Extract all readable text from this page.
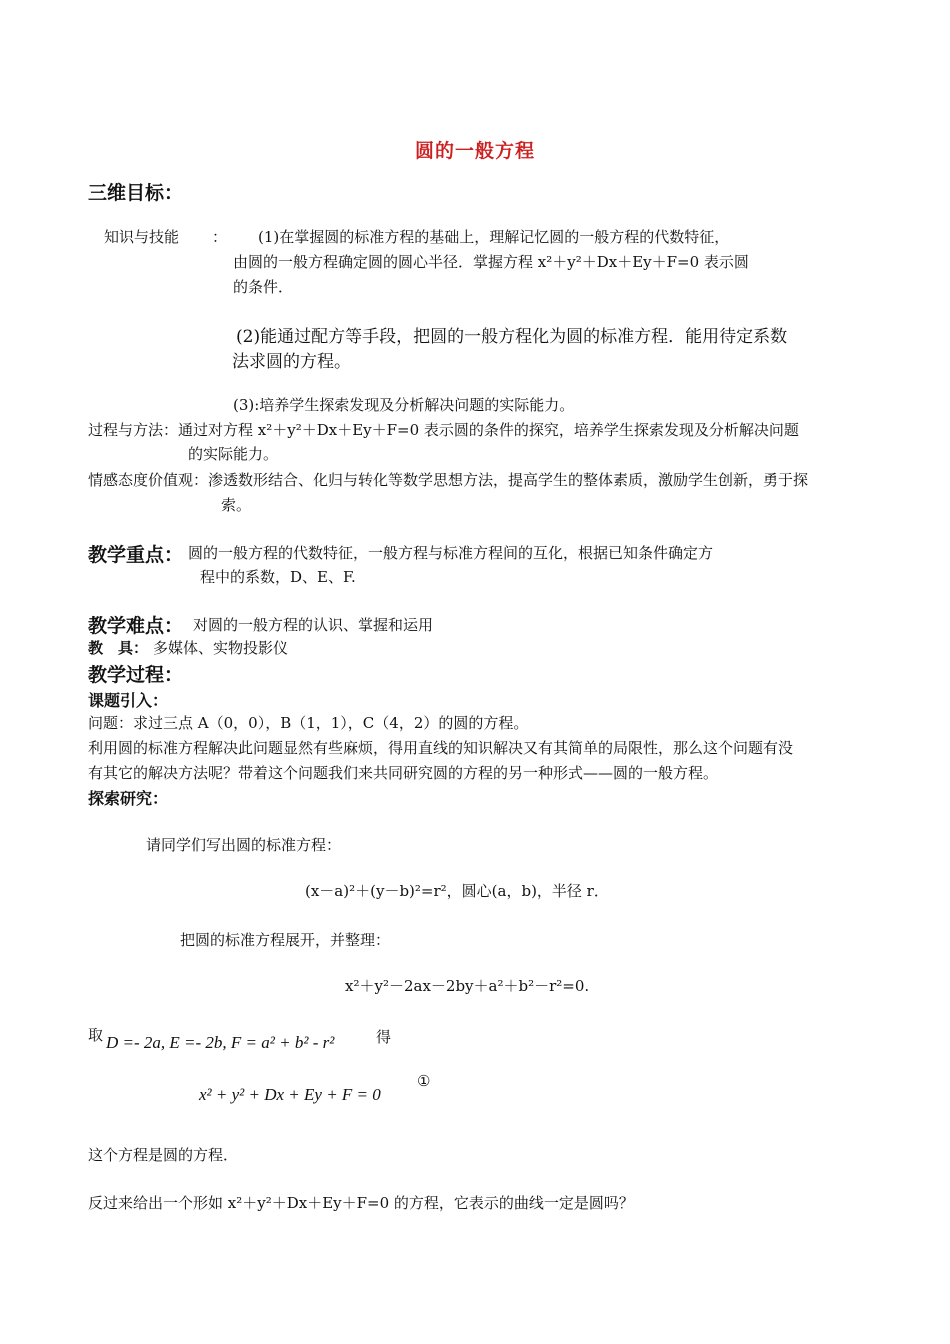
圆的一般方程
三维目标：
知识与技能 ： (1)在掌握圆的标准方程的基础上，理解记忆圆的一般方程的代数特征，
由圆的一般方程确定圆的圆心半径．掌握方程 x²＋y²＋Dx＋Ey＋F=0 表示圆
的条件．
(2)能通过配方等手段，把圆的一般方程化为圆的标准方程．能用待定系数
法求圆的方程。
(3):培养学生探索发现及分析解决问题的实际能力。
过程与方法：通过对方程 x²＋y²＋Dx＋Ey＋F=0 表示圆的条件的探究，培养学生探索发现及分析解决问题
的实际能力。
情感态度价值观：渗透数形结合、化归与转化等数学思想方法，提高学生的整体素质，激励学生创新，勇于探
索。
教学重点： 圆的一般方程的代数特征，一般方程与标准方程间的互化，根据已知条件确定方
程中的系数，D、E、F.
教学难点： 对圆的一般方程的认识、掌握和运用
教　具： 多媒体、实物投影仪
教学过程：
课题引入：
问题：求过三点 A（0，0），B（1，1），C（4，2）的圆的方程。
利用圆的标准方程解决此问题显然有些麻烦，得用直线的知识解决又有其简单的局限性，那么这个问题有没
有其它的解决方法呢？带着这个问题我们来共同研究圆的方程的另一种形式——圆的一般方程。
探索研究：
请同学们写出圆的标准方程：
(x－a)²＋(y－b)²=r²，圆心(a，b)，半径 r．
把圆的标准方程展开，并整理：
x²＋y²－2ax－2by＋a²＋b²－r²=0.
取 D =- 2a, E =- 2b, F = a² + b² - r²	得
x² + y² + Dx + Ey + F = 0
①
这个方程是圆的方程．
反过来给出一个形如 x²＋y²＋Dx＋Ey＋F=0 的方程，它表示的曲线一定是圆吗？
